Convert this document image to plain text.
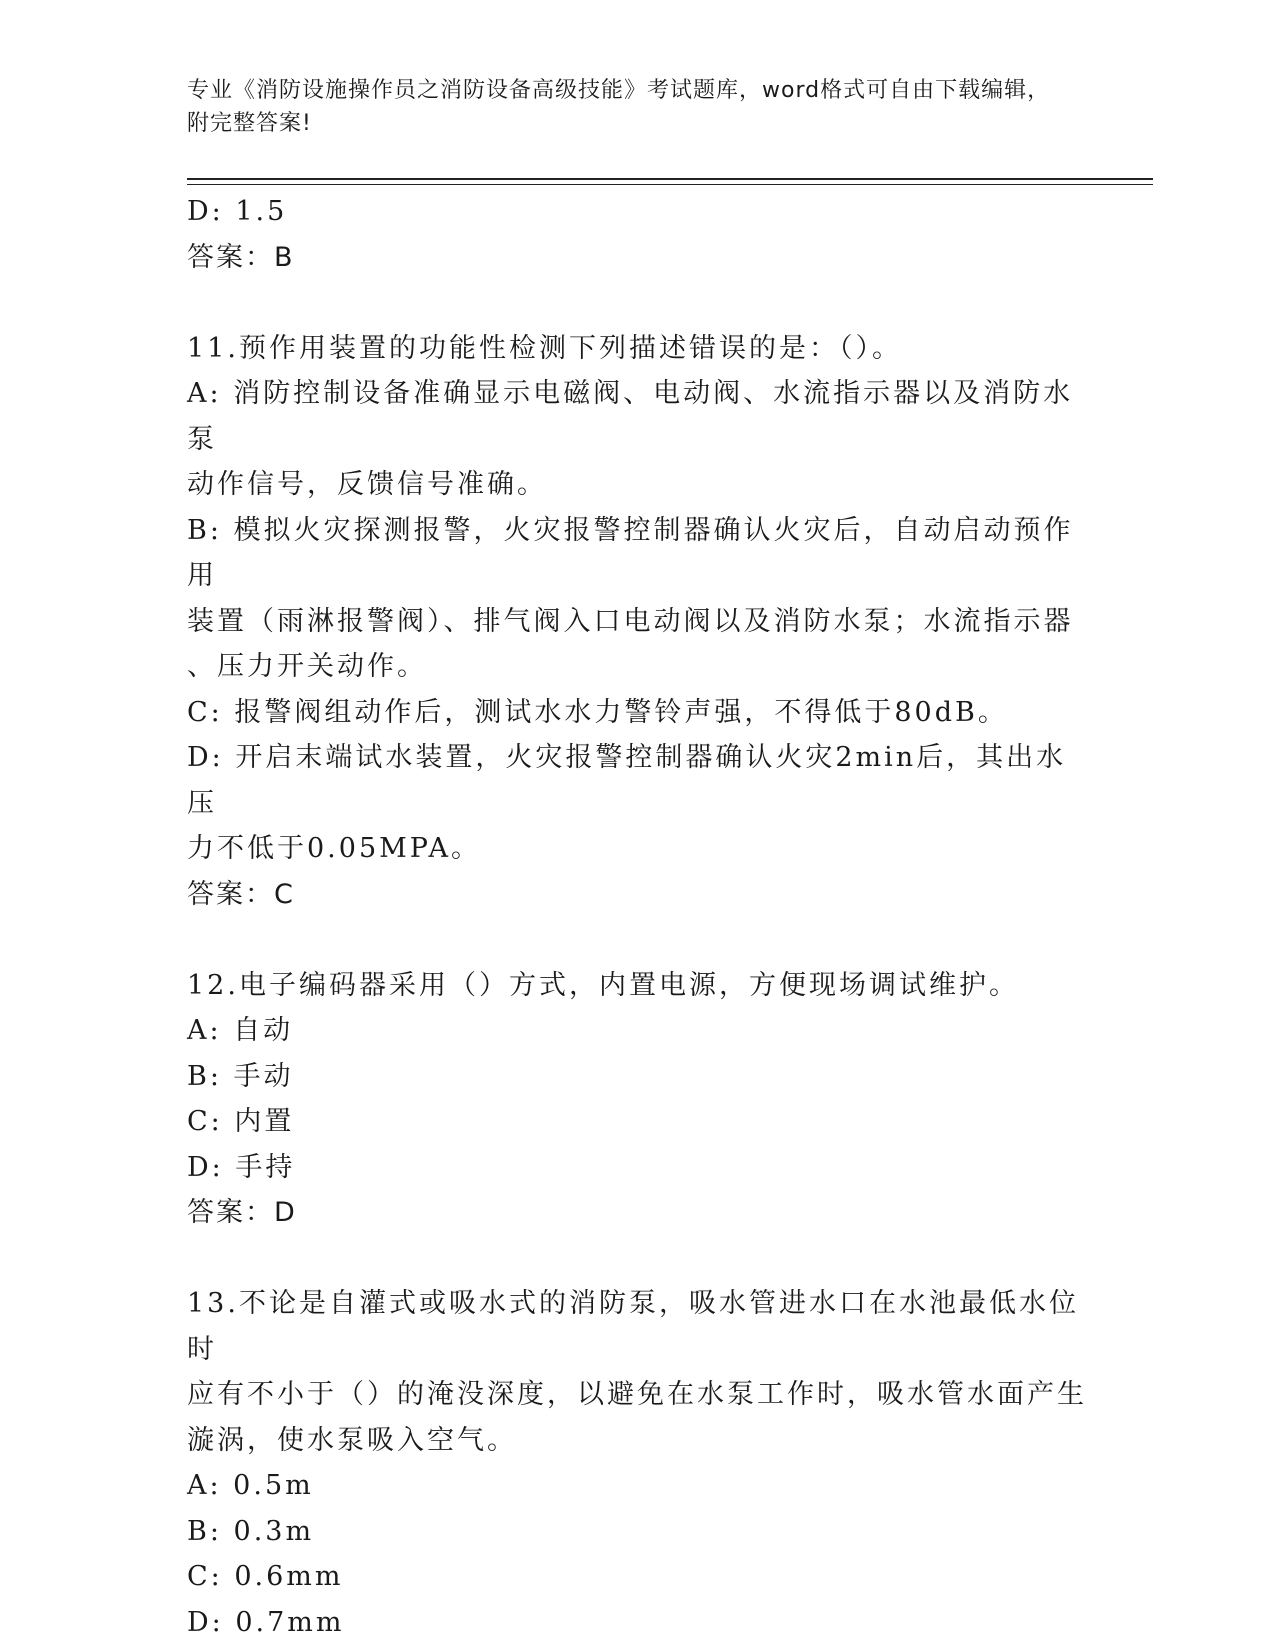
专业《消防设施操作员之消防设备高级技能》考试题库，word格式可自由下载编辑，附完整答案!
D: 1.5
答案：B
11.预作用装置的功能性检测下列描述错误的是：（）。
A: 消防控制设备准确显示电磁阀、电动阀、水流指示器以及消防水泵
动作信号，反馈信号准确。
B: 模拟火灾探测报警，火灾报警控制器确认火灾后，自动启动预作用
装置（雨淋报警阀）、排气阀入口电动阀以及消防水泵；水流指示器
、压力开关动作。
C: 报警阀组动作后，测试水水力警铃声强，不得低于80dB。
D: 开启末端试水装置，火灾报警控制器确认火灾2min后，其出水压
力不低于0.05MPA。
答案：C
12.电子编码器采用（）方式，内置电源，方便现场调试维护。
A: 自动
B: 手动
C: 内置
D: 手持
答案：D
13.不论是自灌式或吸水式的消防泵，吸水管进水口在水池最低水位时
应有不小于（）的淹没深度，以避免在水泵工作时，吸水管水面产生
漩涡，使水泵吸入空气。
A: 0.5m
B: 0.3m
C: 0.6mm
D: 0.7mm
